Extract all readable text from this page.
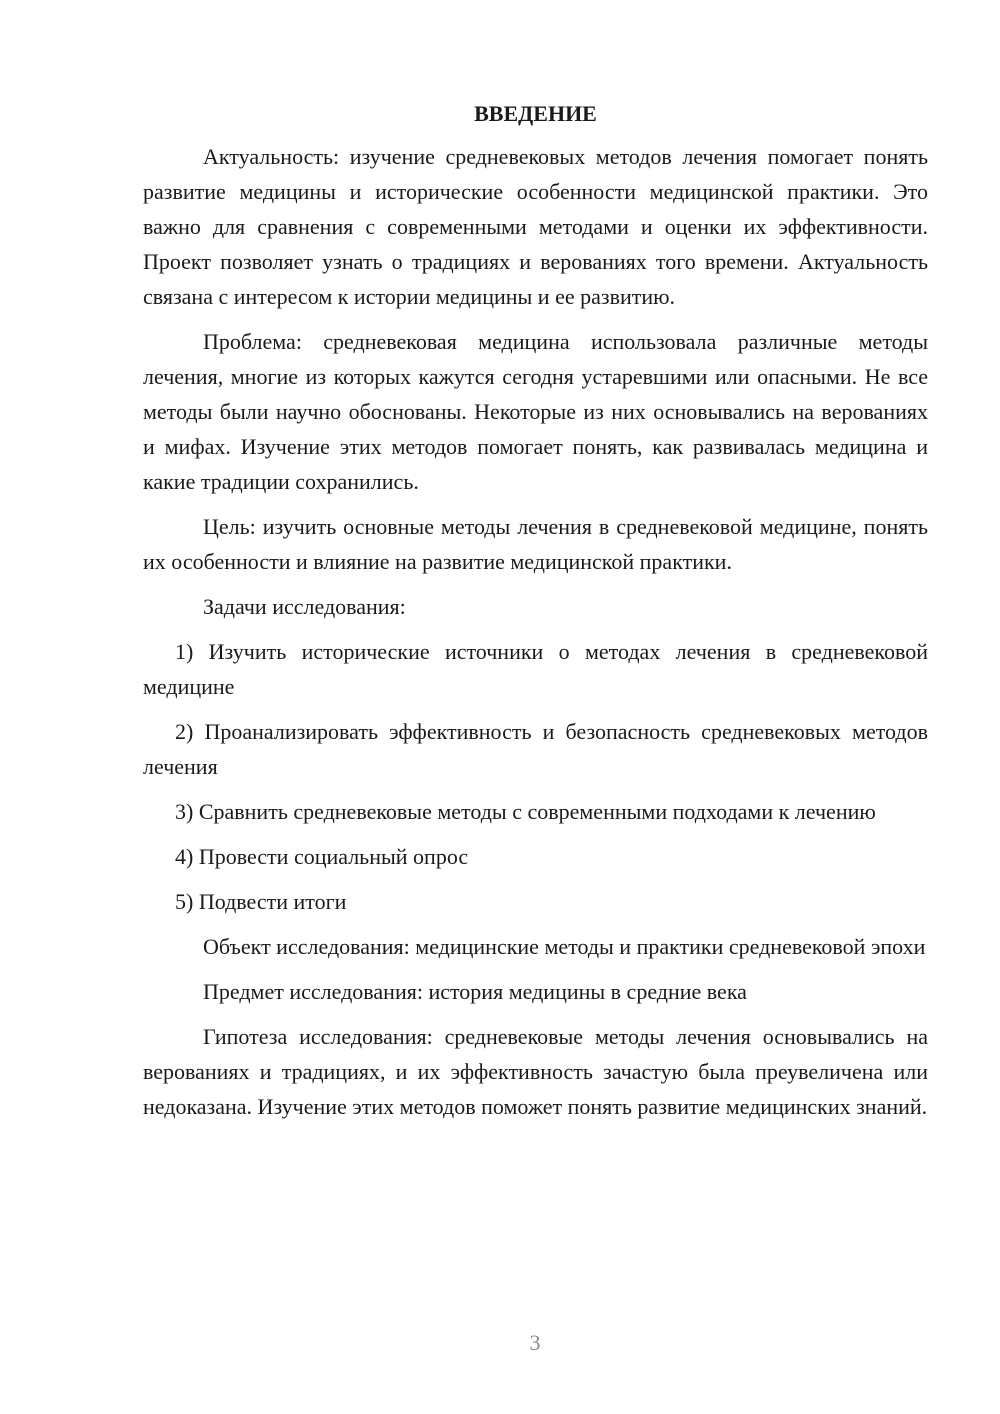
ВВЕДЕНИЕ

Актуальность: изучение средневековых методов лечения помогает понять развитие медицины и исторические особенности медицинской практики. Это важно для сравнения с современными методами и оценки их эффективности. Проект позволяет узнать о традициях и верованиях того времени. Актуальность связана с интересом к истории медицины и ее развитию.

Проблема: средневековая медицина использовала различные методы лечения, многие из которых кажутся сегодня устаревшими или опасными. Не все методы были научно обоснованы. Некоторые из них основывались на верованиях и мифах. Изучение этих методов помогает понять, как развивалась медицина и какие традиции сохранились.

Цель: изучить основные методы лечения в средневековой медицине, понять их особенности и влияние на развитие медицинской практики.

Задачи исследования:

1) Изучить исторические источники о методах лечения в средневековой медицине

2) Проанализировать эффективность и безопасность средневековых методов лечения

3) Сравнить средневековые методы с современными подходами к лечению

4) Провести социальный опрос

5) Подвести итоги

Объект исследования: медицинские методы и практики средневековой эпохи

Предмет исследования: история медицины в средние века

Гипотеза исследования: средневековые методы лечения основывались на верованиях и традициях, и их эффективность зачастую была преувеличена или недоказана. Изучение этих методов поможет понять развитие медицинских знаний.

3
